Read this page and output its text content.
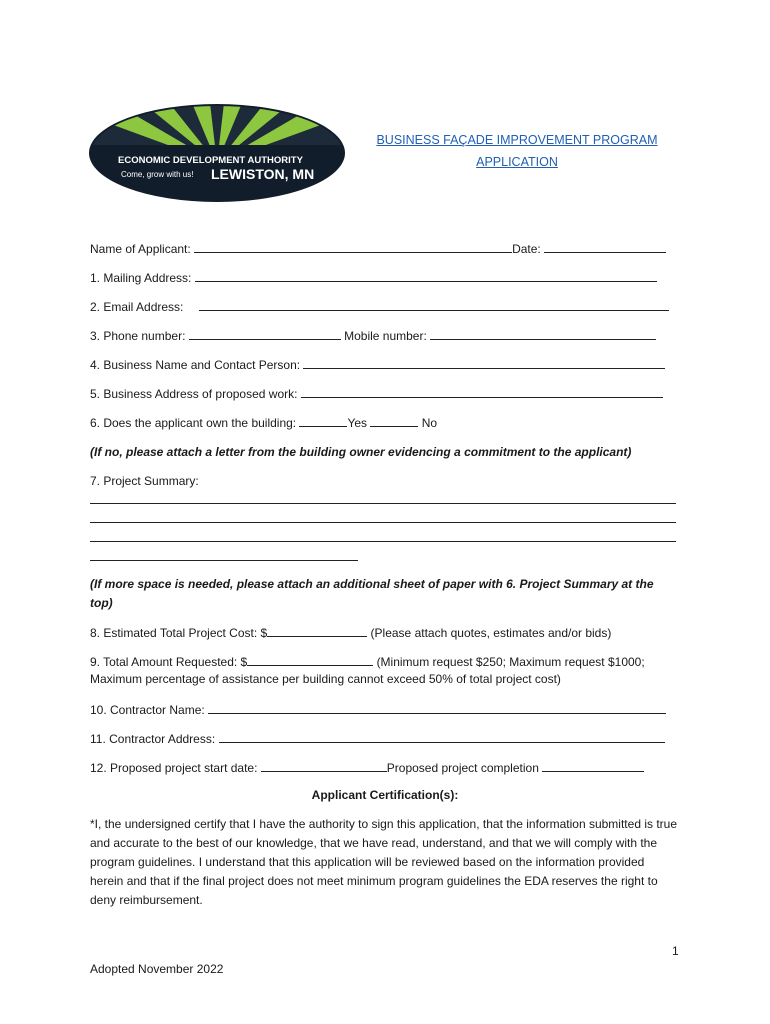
ECONOMIC DEVELOPMENT AUTHORITY
Come, grow with us! LEWISTON, MN
BUSINESS FAÇADE IMPROVEMENT PROGRAM
APPLICATION
Name of Applicant:	Date:
1. Mailing Address:
2. Email Address:
3. Phone number:	Mobile number:
4. Business Name and Contact Person:
5. Business Address of proposed work:
6. Does the applicant own the building:	Yes	No
(If no, please attach a letter from the building owner evidencing a commitment to the applicant)
7. Project Summary:
(If more space is needed, please attach an additional sheet of paper with 6. Project Summary at the
top)
8. Estimated Total Project Cost: $	(Please attach quotes, estimates and/or bids)
9. Total Amount Requested: $	(Minimum request $250; Maximum request $1000;
Maximum percentage of assistance per building cannot exceed 50% of total project cost)
10. Contractor Name:
11. Contractor Address:
12. Proposed project start date:	Proposed project completion
Applicant Certification(s):
*I, the undersigned certify that I have the authority to sign this application, that the information submitted is true and accurate to the best of our knowledge, that we have read, understand, and that we will comply with the program guidelines. I understand that this application will be reviewed based on the information provided herein and that if the final project does not meet minimum program guidelines the EDA reserves the right to deny reimbursement.
1
Adopted November 2022
